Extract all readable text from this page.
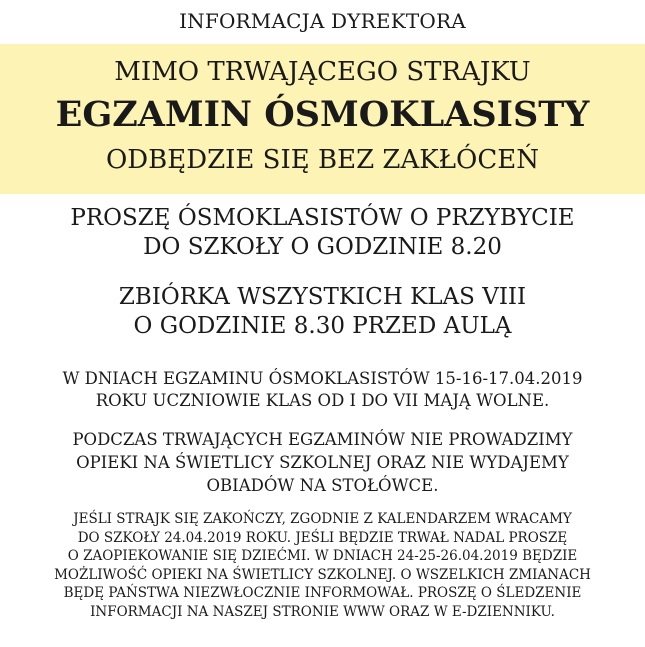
INFORMACJA DYREKTORA
MIMO TRWAJĄCEGO STRAJKU
EGZAMIN ÓSMOKLASISTY
ODBĘDZIE SIĘ BEZ ZAKŁÓCEŃ
PROSZĘ ÓSMOKLASISTÓW O PRZYBYCIE
DO SZKOŁY O GODZINIE 8.20
ZBIÓRKA WSZYSTKICH KLAS VIII
O GODZINIE 8.30 PRZED AULĄ
W DNIACH EGZAMINU ÓSMOKLASISTÓW 15-16-17.04.2019
ROKU UCZNIOWIE KLAS OD I DO VII MAJĄ WOLNE.
PODCZAS TRWAJĄCYCH EGZAMINÓW NIE PROWADZIMY
OPIEKI NA ŚWIETLICY SZKOLNEJ ORAZ NIE WYDAJEMY
OBIADÓW NA STOŁÓWCE.
JEŚLI STRAJK SIĘ ZAKOŃCZY, ZGODNIE Z KALENDARZEM WRACAMY
DO SZKOŁY 24.04.2019 ROKU. JEŚLI BĘDZIE TRWAŁ NADAL PROSZĘ
O ZAOPIEKOWANIE SIĘ DZIEĆMI. W DNIACH 24-25-26.04.2019 BĘDZIE
MOŻLIWOŚĆ OPIEKI NA ŚWIETLICY SZKOLNEJ. O WSZELKICH ZMIANACH
BĘDĘ PAŃSTWA NIEZWŁOCZNIE INFORMOWAŁ. PROSZĘ O ŚLEDZENIE
INFORMACJI NA NASZEJ STRONIE WWW ORAZ W E-DZIENNIKU.
